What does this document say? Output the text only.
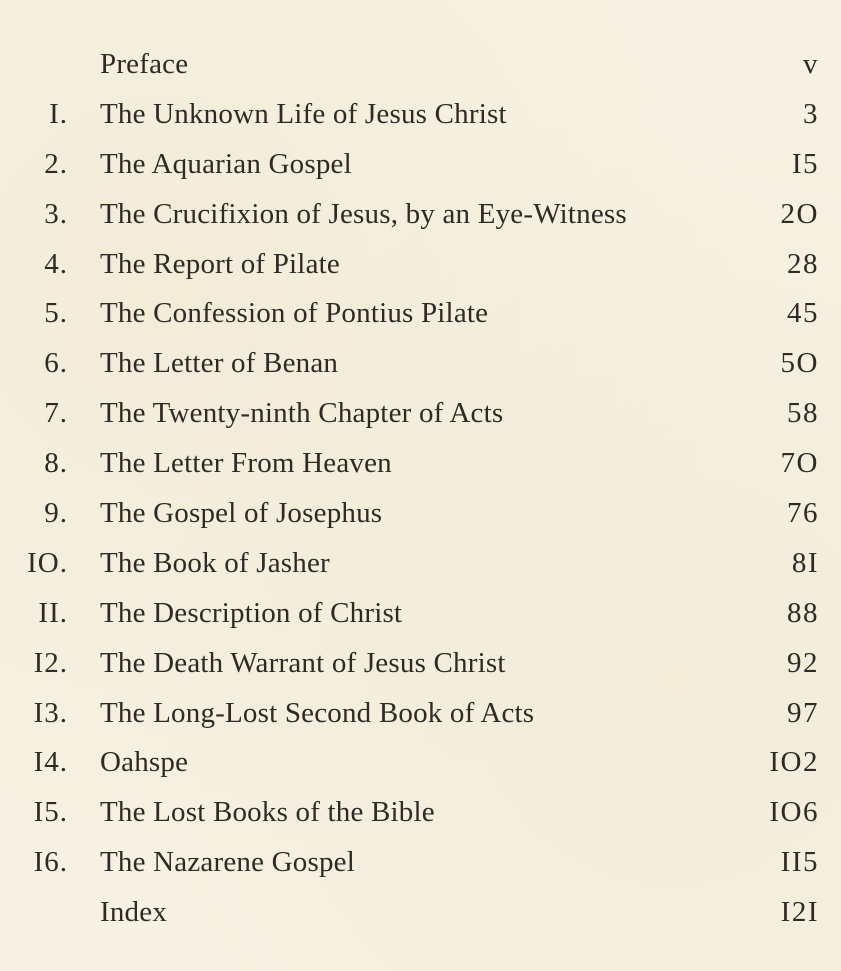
Preface	v
I. The Unknown Life of Jesus Christ	3
2. The Aquarian Gospel	I5
3. The Crucifixion of Jesus, by an Eye-Witness	2O
4. The Report of Pilate	28
5. The Confession of Pontius Pilate	45
6. The Letter of Benan	5O
7. The Twenty-ninth Chapter of Acts	58
8. The Letter From Heaven	7O
9. The Gospel of Josephus	76
IO. The Book of Jasher	8I
II. The Description of Christ	88
I2. The Death Warrant of Jesus Christ	92
I3. The Long-Lost Second Book of Acts	97
I4. Oahspe	IO2
I5. The Lost Books of the Bible	IO6
I6. The Nazarene Gospel	II5
Index	I2I
